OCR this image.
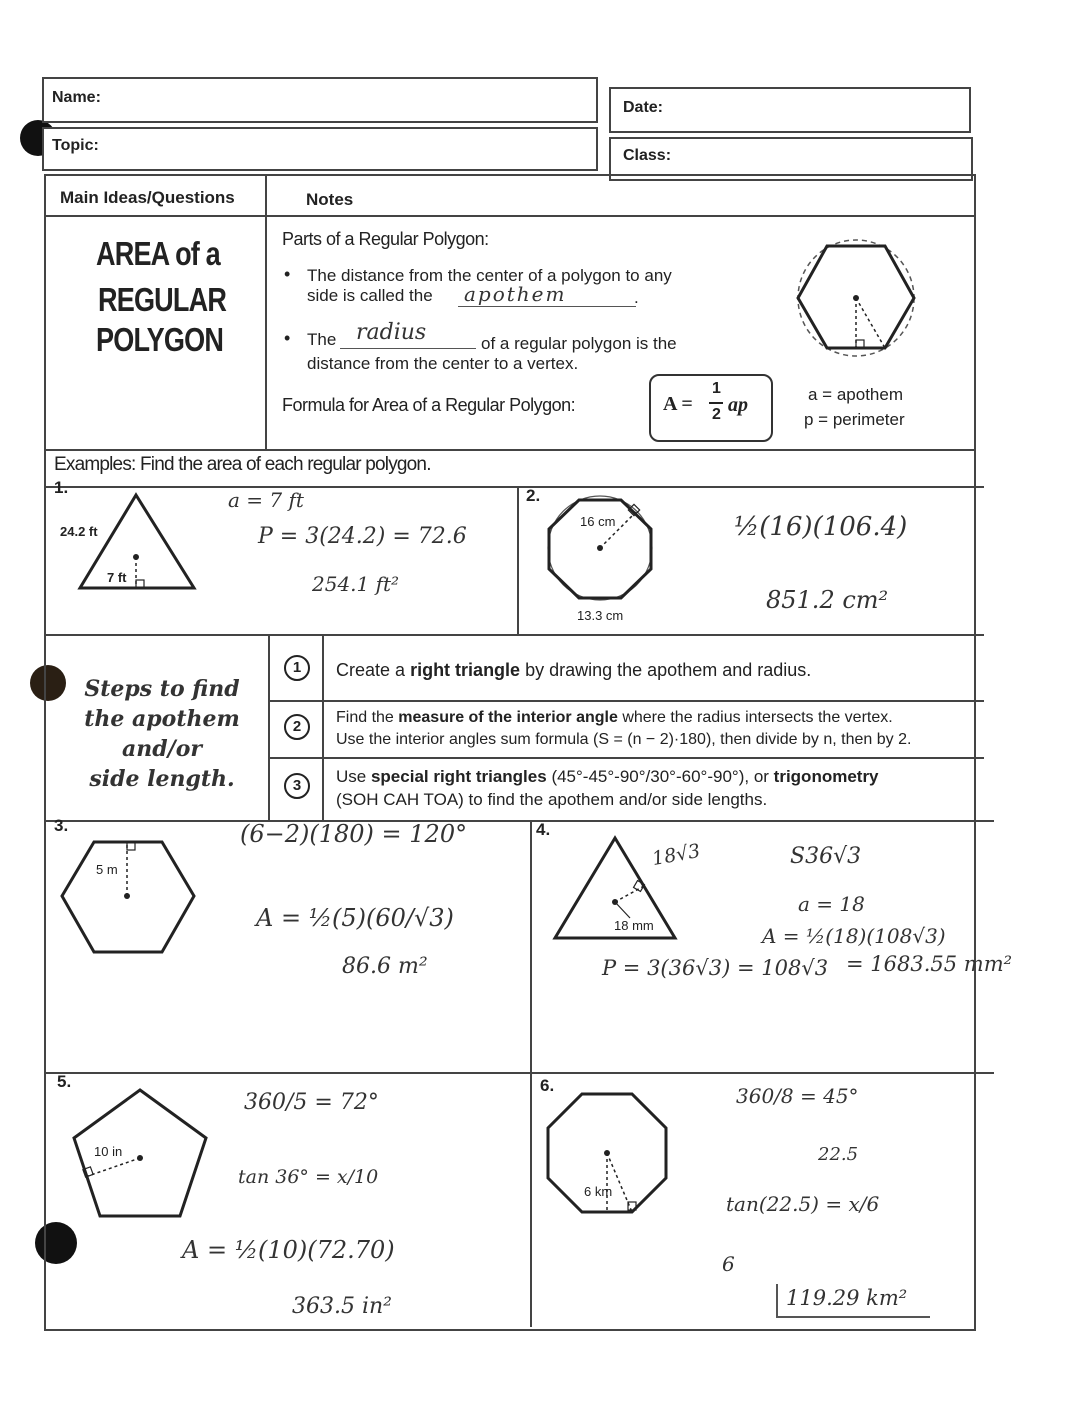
Name:
Topic:
Date:
Class:
Main Ideas/Questions	Notes
AREA of a
REGULAR
POLYGON
Parts of a Regular Polygon:
• The distance from the center of a polygon to any
side is called the apothem	.
• The radius	of a regular polygon is the
distance from the center to a vertex.
Formula for Area of a Regular Polygon:	A =
1
2 ap	a = apothem
p = perimeter
Examples: Find the area of each regular polygon.
1.
24.2 ft
7 ft
a = 7 ft
P = 3(24.2) = 72.6
254.1 ft²
2.
16 cm
13.3 cm
½(16)(106.4)
851.2 cm²
Steps to find
the apothem and/or
side length.
1	Create a right triangle by drawing the apothem and radius.
2
Find the measure of the interior angle where the radius intersects the vertex.
Use the interior angles sum formula (S = (n − 2)·180), then divide by n, then by 2.
3	Use special right triangles (45°-45°-90°/30°-60°-90°), or trigonometry
(SOH CAH TOA) to find the apothem and/or side lengths.
3.
5 m
(6−2)(180) = 120°
A = ½(5)(60/√3)
86.6 m²
4.
18 mm
18√3	S36√3
a = 18
A = ½(18)(108√3)
P = 3(36√3) = 108√3 = 1683.55 mm²
5.
10 in
360/5 = 72°
tan 36° = x/10
A = ½(10)(72.70)
363.5 in²
6.
6 km
360/8 = 45°
22.5
tan(22.5) = x/6
6
119.29 km²
